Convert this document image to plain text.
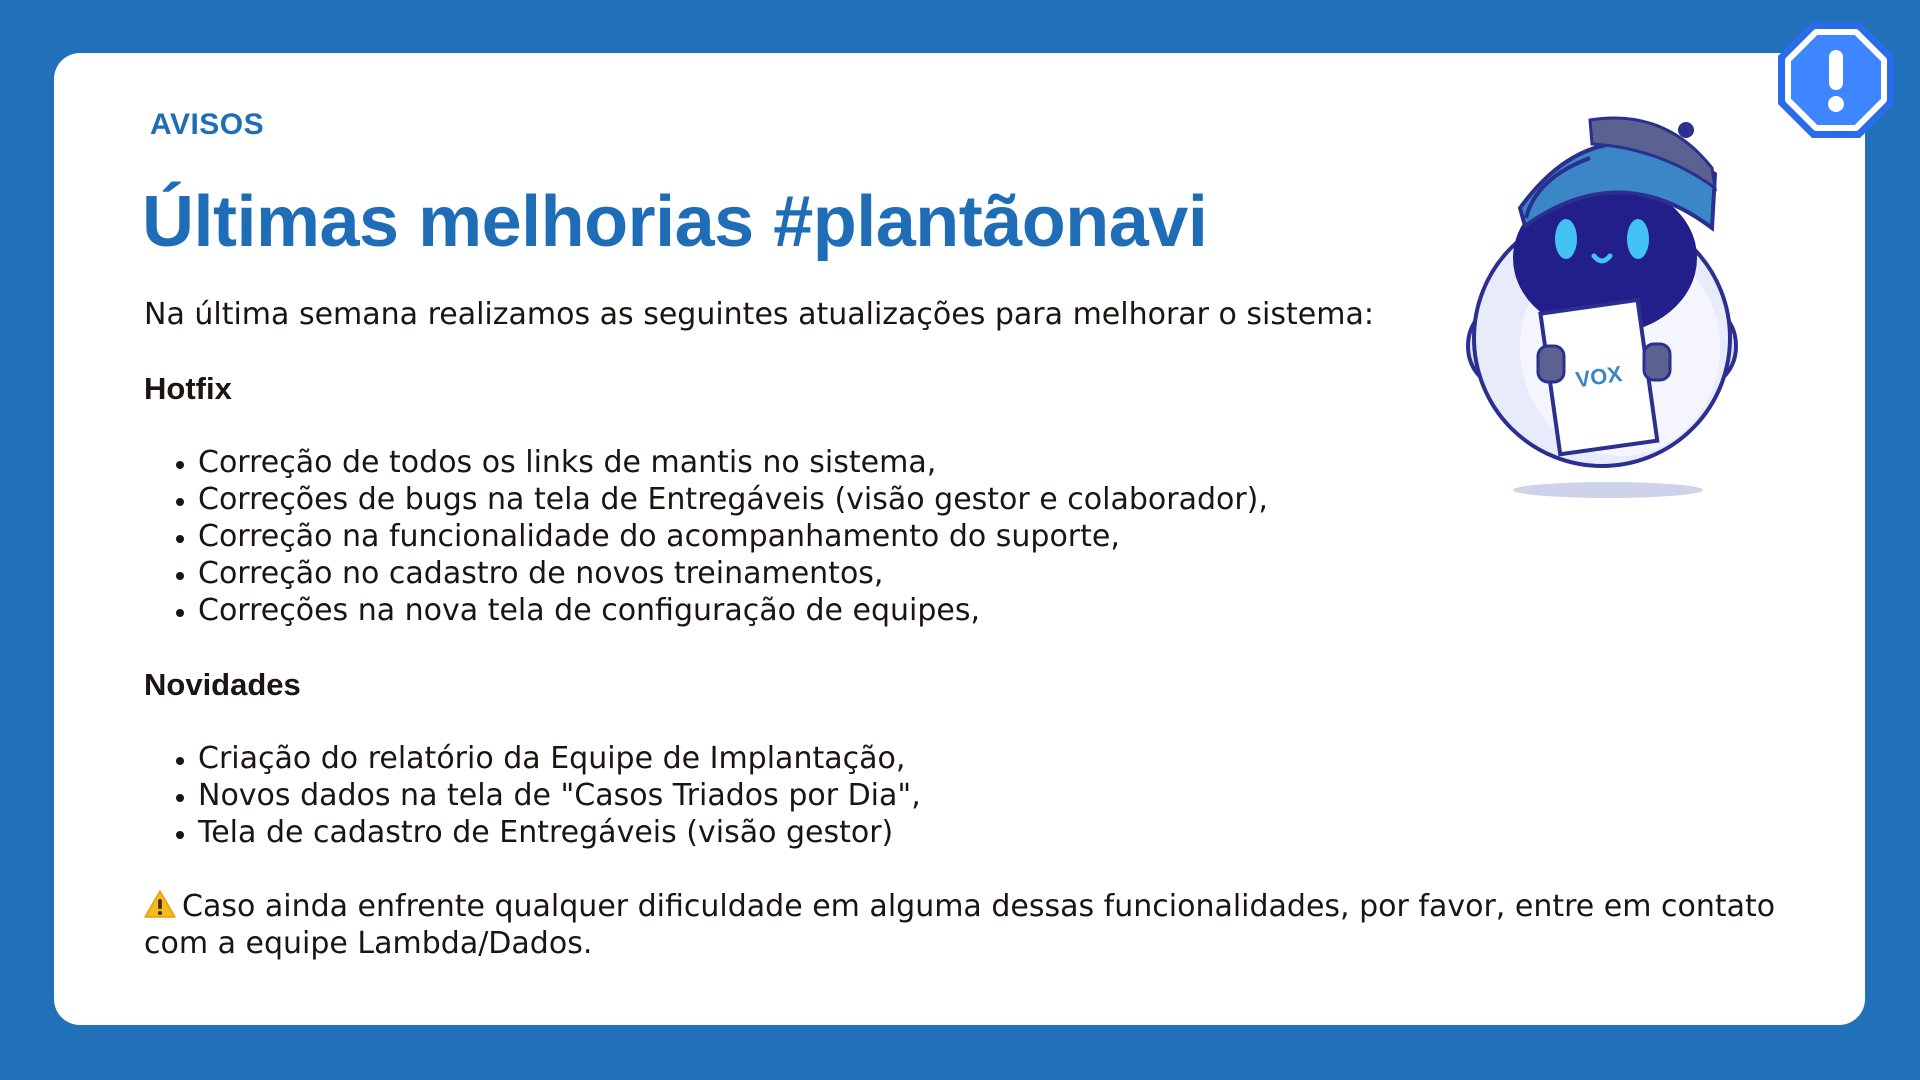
AVISOS
Últimas melhorias #plantãonavi

Na última semana realizamos as seguintes atualizações para melhorar o sistema:

Hotfix

• Correção de todos os links de mantis no sistema,
• Correções de bugs na tela de Entregáveis (visão gestor e colaborador),
• Correção na funcionalidade do acompanhamento do suporte,
• Correção no cadastro de novos treinamentos,
• Correções na nova tela de configuração de equipes,

Novidades

• Criação do relatório da Equipe de Implantação,
• Novos dados na tela de "Casos Triados por Dia",
• Tela de cadastro de Entregáveis (visão gestor)

Caso ainda enfrente qualquer dificuldade em alguma dessas funcionalidades, por favor, entre em contato com a equipe Lambda/Dados.

VOX
